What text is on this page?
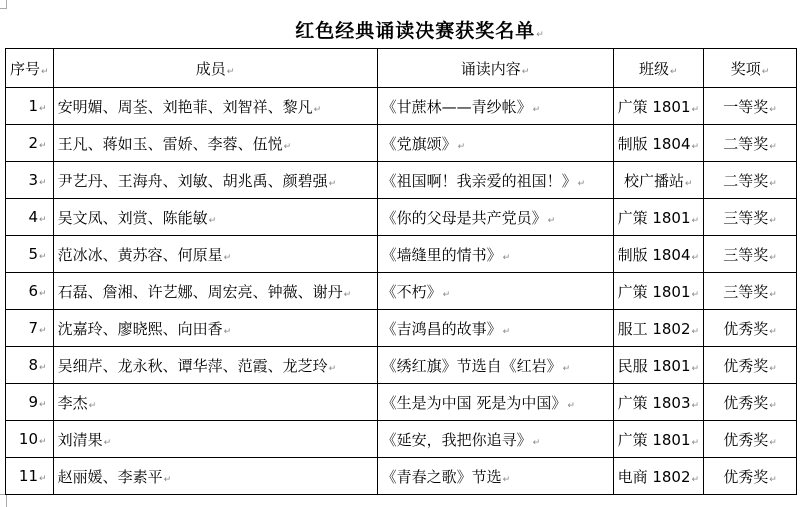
红色经典诵读决赛获奖名单 ↵
序号 ↵	成员 ↵	诵读内容 ↵	班级 ↵	奖项 ↵
1 ↵	安明媚、周荃、刘艳菲、刘智祥、黎凡 ↵	《甘蔗林——青纱帐》 ↵	广策 1801 ↵	一等奖 ↵
2 ↵	王凡、蒋如玉、雷娇、李蓉、伍悦 ↵	《党旗颂》 ↵	制版 1804 ↵	二等奖 ↵
3 ↵	尹艺丹、王海舟、刘敏、胡兆禹、颜碧强 ↵	《祖国啊！我亲爱的祖国！》 ↵	校广播站 ↵	二等奖 ↵
4 ↵	吴文凤、刘赏、陈能敏 ↵	《你的父母是共产党员》 ↵	广策 1801 ↵	三等奖 ↵
5 ↵	范冰冰、黄苏容、何原星 ↵	《墙缝里的情书》 ↵	制版 1804 ↵	三等奖 ↵
6 ↵	石磊、詹湘、许艺娜、周宏亮、钟薇、谢丹 ↵	《不朽》 ↵	广策 1801 ↵	三等奖 ↵
7 ↵	沈嘉玲、廖晓熙、向田香 ↵	《吉鸿昌的故事》 ↵	服工 1802 ↵	优秀奖 ↵
8 ↵	吴细芹、龙永秋、谭华萍、范霞、龙芝玲 ↵	《绣红旗》节选自《红岩》 ↵	民服 1801 ↵	优秀奖 ↵
9 ↵	李杰 ↵	《生是为中国 死是为中国》 ↵	广策 1803 ↵	优秀奖 ↵
10 ↵	刘清果 ↵	《延安，我把你追寻》 ↵	广策 1801 ↵	优秀奖 ↵
11 ↵	赵丽媛、李素平 ↵	《青春之歌》节选 ↵	电商 1802 ↵	优秀奖 ↵
